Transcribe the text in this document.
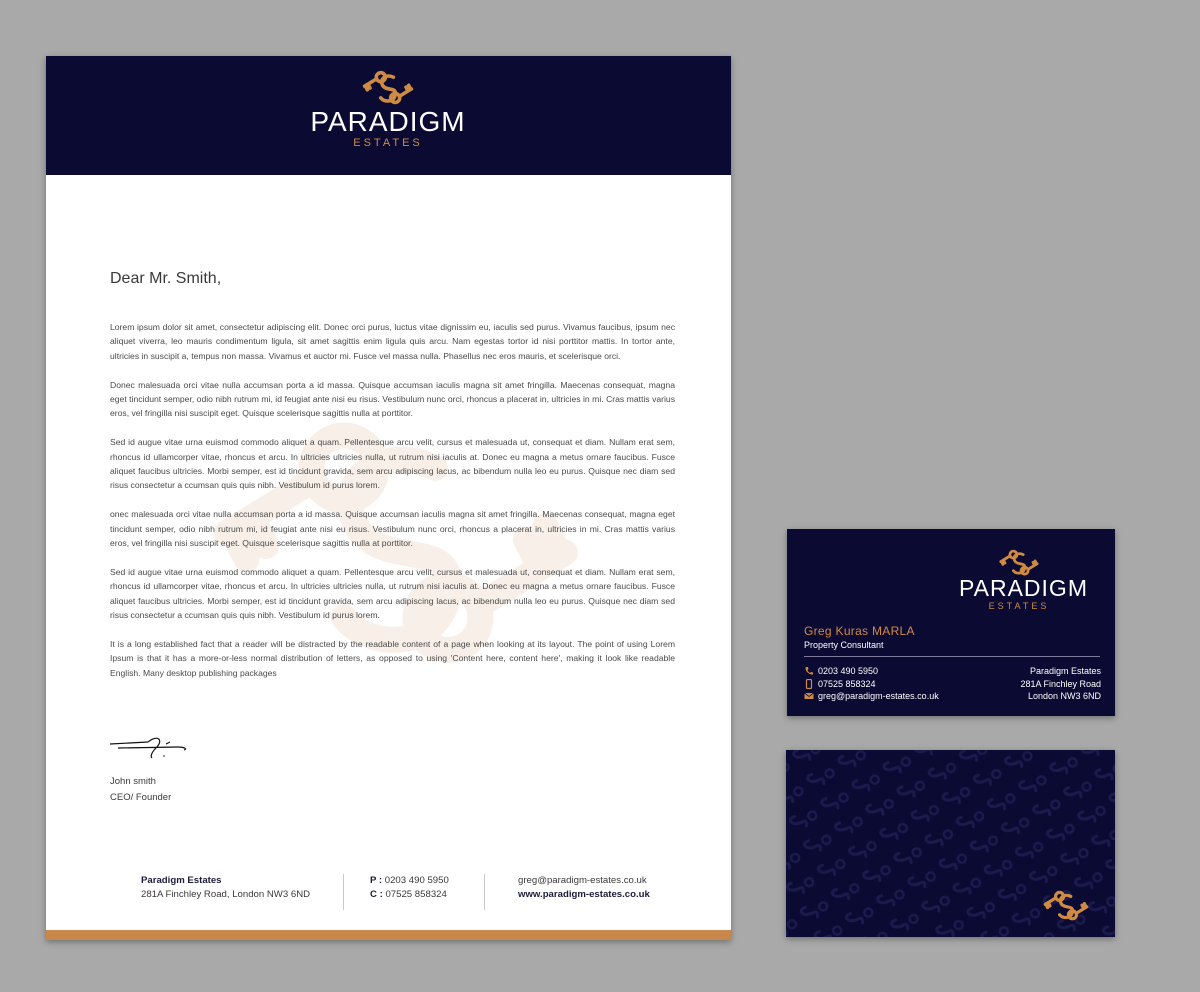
PARADIGM
ESTATES
Dear Mr. Smith,

Lorem ipsum dolor sit amet, consectetur adipiscing elit. Donec orci purus, luctus vitae dignissim eu, iaculis sed purus. Vivamus faucibus, ipsum nec aliquet viverra, leo mauris condimentum ligula, sit amet sagittis enim ligula quis arcu. Nam egestas tortor id nisi porttitor mattis. In tortor ante, ultricies in suscipit a, tempus non massa. Vivamus et auctor mi. Fusce vel massa nulla. Phasellus nec eros mauris, et scelerisque orci.

Donec malesuada orci vitae nulla accumsan porta a id massa. Quisque accumsan iaculis magna sit amet fringilla. Maecenas consequat, magna eget tincidunt semper, odio nibh rutrum mi, id feugiat ante nisi eu risus. Vestibulum nunc orci, rhoncus a placerat in, ultricies in mi. Cras mattis varius eros, vel fringilla nisi suscipit eget. Quisque scelerisque sagittis nulla at porttitor.

Sed id augue vitae urna euismod commodo aliquet a quam. Pellentesque arcu velit, cursus et malesuada ut, consequat et diam. Nullam erat sem, rhoncus id ullamcorper vitae, rhoncus et arcu. In ultricies ultricies nulla, ut rutrum nisi iaculis at. Donec eu magna a metus ornare faucibus. Fusce aliquet faucibus ultricies. Morbi semper, est id tincidunt gravida, sem arcu adipiscing lacus, ac bibendum nulla leo eu purus. Quisque nec diam sed risus consectetur a ccumsan quis quis nibh. Vestibulum id purus lorem.

onec malesuada orci vitae nulla accumsan porta a id massa. Quisque accumsan iaculis magna sit amet fringilla. Maecenas consequat, magna eget tincidunt semper, odio nibh rutrum mi, id feugiat ante nisi eu risus. Vestibulum nunc orci, rhoncus a placerat in, ultricies in mi. Cras mattis varius eros, vel fringilla nisi suscipit eget. Quisque scelerisque sagittis nulla at porttitor.

Sed id augue vitae urna euismod commodo aliquet a quam. Pellentesque arcu velit, cursus et malesuada ut, consequat et diam. Nullam erat sem, rhoncus id ullamcorper vitae, rhoncus et arcu. In ultricies ultricies nulla, ut rutrum nisi iaculis at. Donec eu magna a metus ornare faucibus. Fusce aliquet faucibus ultricies. Morbi semper, est id tincidunt gravida, sem arcu adipiscing lacus, ac bibendum nulla leo eu purus. Quisque nec diam sed risus consectetur a ccumsan quis quis nibh. Vestibulum id purus lorem.

It is a long established fact that a reader will be distracted by the readable content of a page when looking at its layout. The point of using Lorem Ipsum is that it has a more-or-less normal distribution of letters, as opposed to using 'Content here, content here', making it look like readable English. Many desktop publishing packages

John smith
CEO/ Founder
Paradigm Estates
281A Finchley Road, London NW3 6ND
P : 0203 490 5950
C : 07525 858324
greg@paradigm-estates.co.uk
www.paradigm-estates.co.uk
PARADIGM
ESTATES
Greg Kuras MARLA
Property Consultant
0203 490 5950
07525 858324
greg@paradigm-estates.co.uk
Paradigm Estates
281A Finchley Road
London NW3 6ND
